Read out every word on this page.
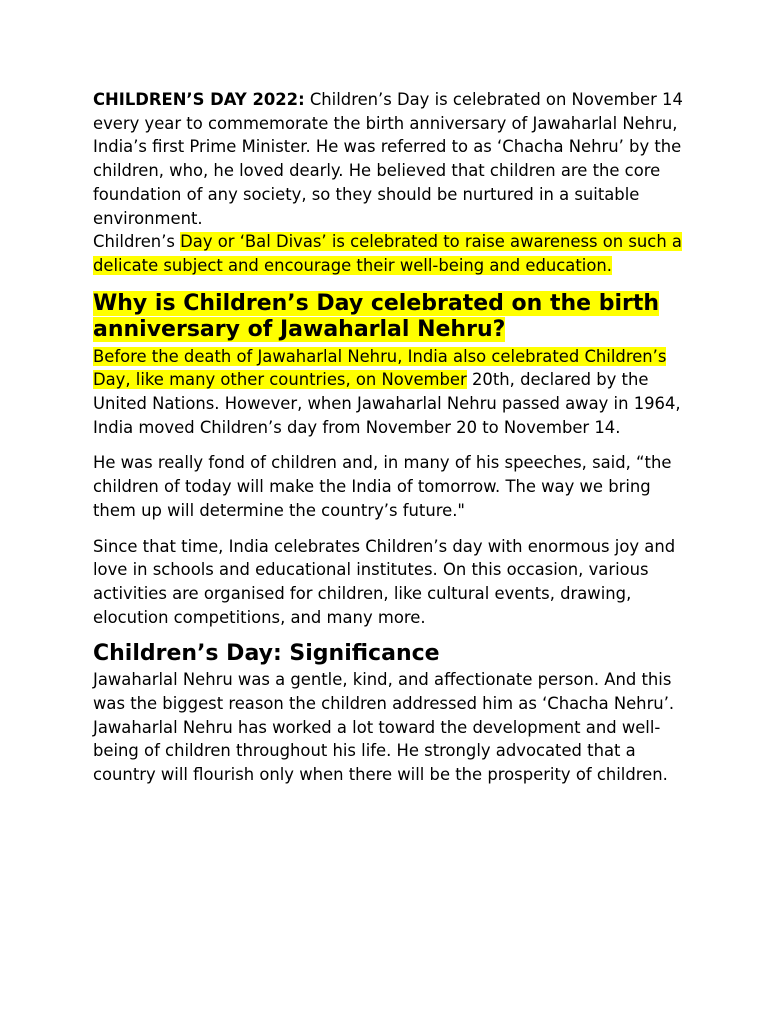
CHILDREN’S DAY 2022: Children’s Day is celebrated on November 14 every year to commemorate the birth anniversary of Jawaharlal Nehru, India’s first Prime Minister. He was referred to as ‘Chacha Nehru’ by the children, who, he loved dearly. He believed that children are the core foundation of any society, so they should be nurtured in a suitable environment.

Children’s Day or ‘Bal Divas’ is celebrated to raise awareness on such a delicate subject and encourage their well-being and education.

Why is Children’s Day celebrated on the birth anniversary of Jawaharlal Nehru?

Before the death of Jawaharlal Nehru, India also celebrated Children’s Day, like many other countries, on November 20th, declared by the United Nations. However, when Jawaharlal Nehru passed away in 1964, India moved Children’s day from November 20 to November 14.

He was really fond of children and, in many of his speeches, said, “the children of today will make the India of tomorrow. The way we bring them up will determine the country’s future."

Since that time, India celebrates Children’s day with enormous joy and love in schools and educational institutes. On this occasion, various activities are organised for children, like cultural events, drawing, elocution competitions, and many more.

Children’s Day: Significance

Jawaharlal Nehru was a gentle, kind, and affectionate person. And this was the biggest reason the children addressed him as ‘Chacha Nehru’. Jawaharlal Nehru has worked a lot toward the development and well-being of children throughout his life. He strongly advocated that a country will flourish only when there will be the prosperity of children.
